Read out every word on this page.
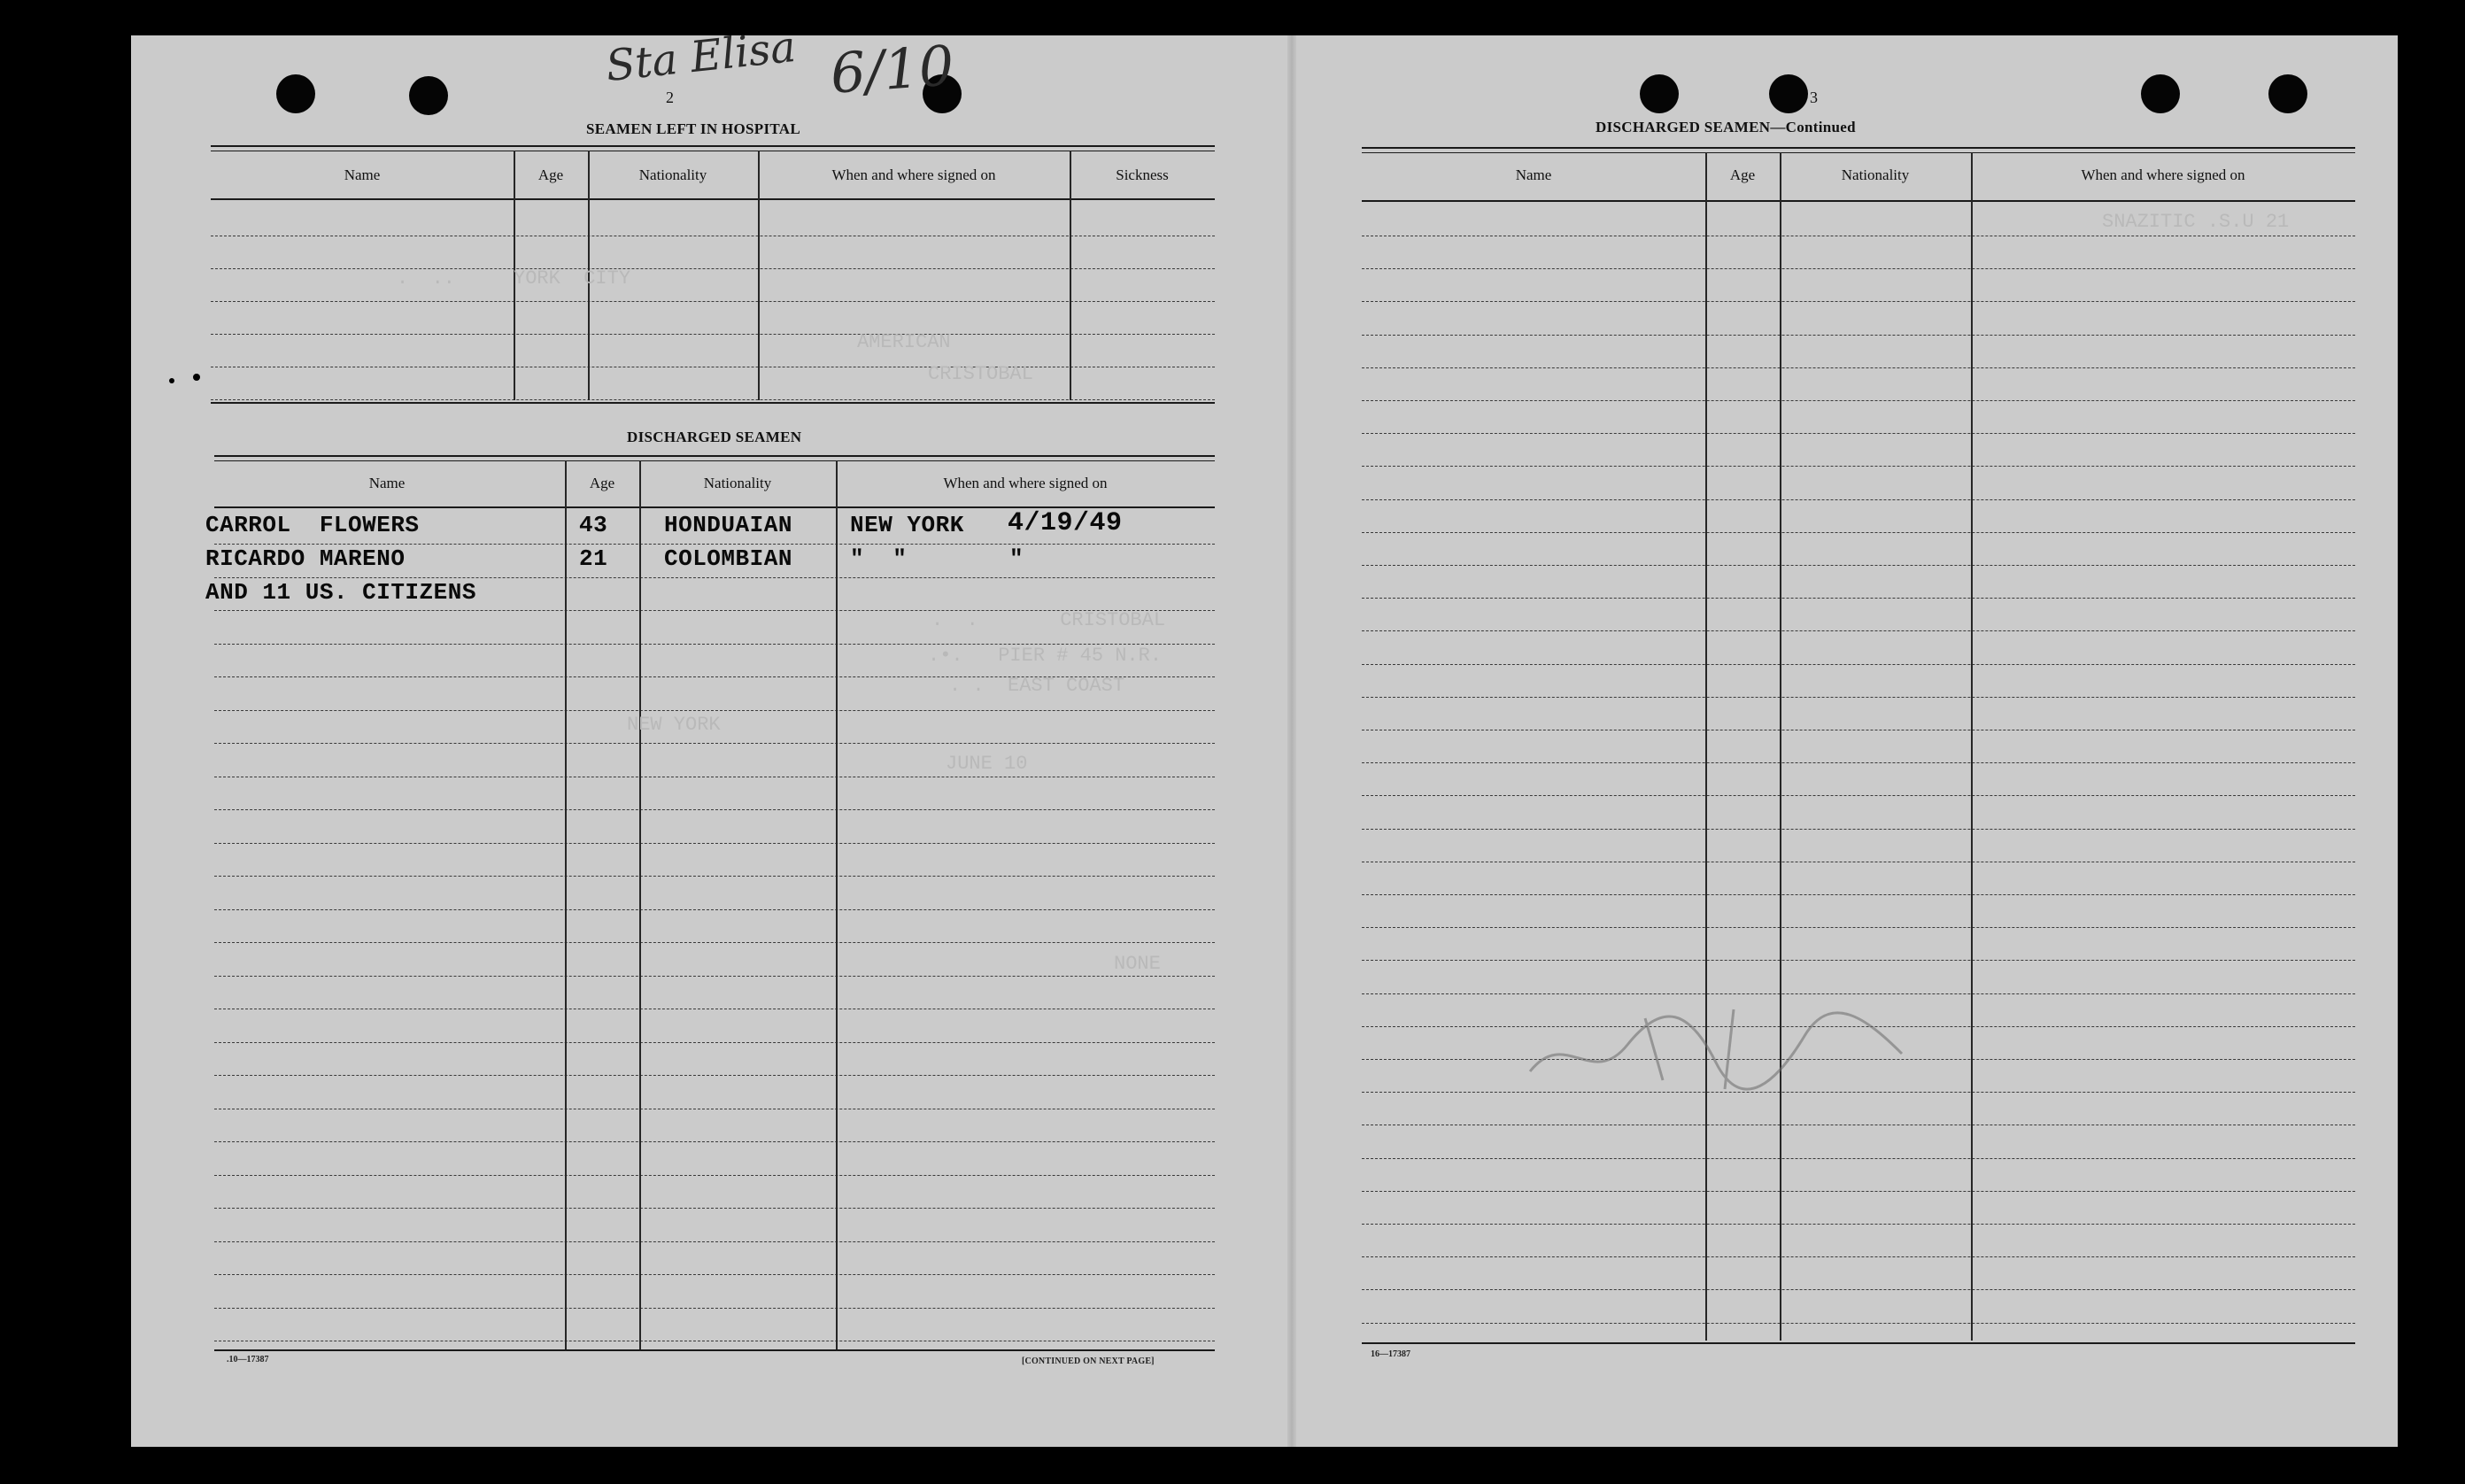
Sta Elisa 6/10
2
SEAMEN LEFT IN HOSPITAL
Name	Age	Nationality	When and where signed on	Sickness
.  ..     YORK  CITY
AMERICAN
CRISTOBAL
DISCHARGED SEAMEN
Name	Age	Nationality	When and where signed on
CARROL  FLOWERS	43 HONDUAIAN	NEW YORK 4/19/49
RICARDO MARENO	21 COLOMBIAN	"  "	"
AND 11 US. CITIZENS
.  .       CRISTOBAL
.•.   PIER # 45 N.R.
. .  EAST COAST
NEW YORK
JUNE 10
NONE
.10—17387	[CONTINUED ON NEXT PAGE]
3
DISCHARGED SEAMEN—Continued
Name	Age	Nationality	When and where signed on
SNAZITIC .S.U 21
16—17387
